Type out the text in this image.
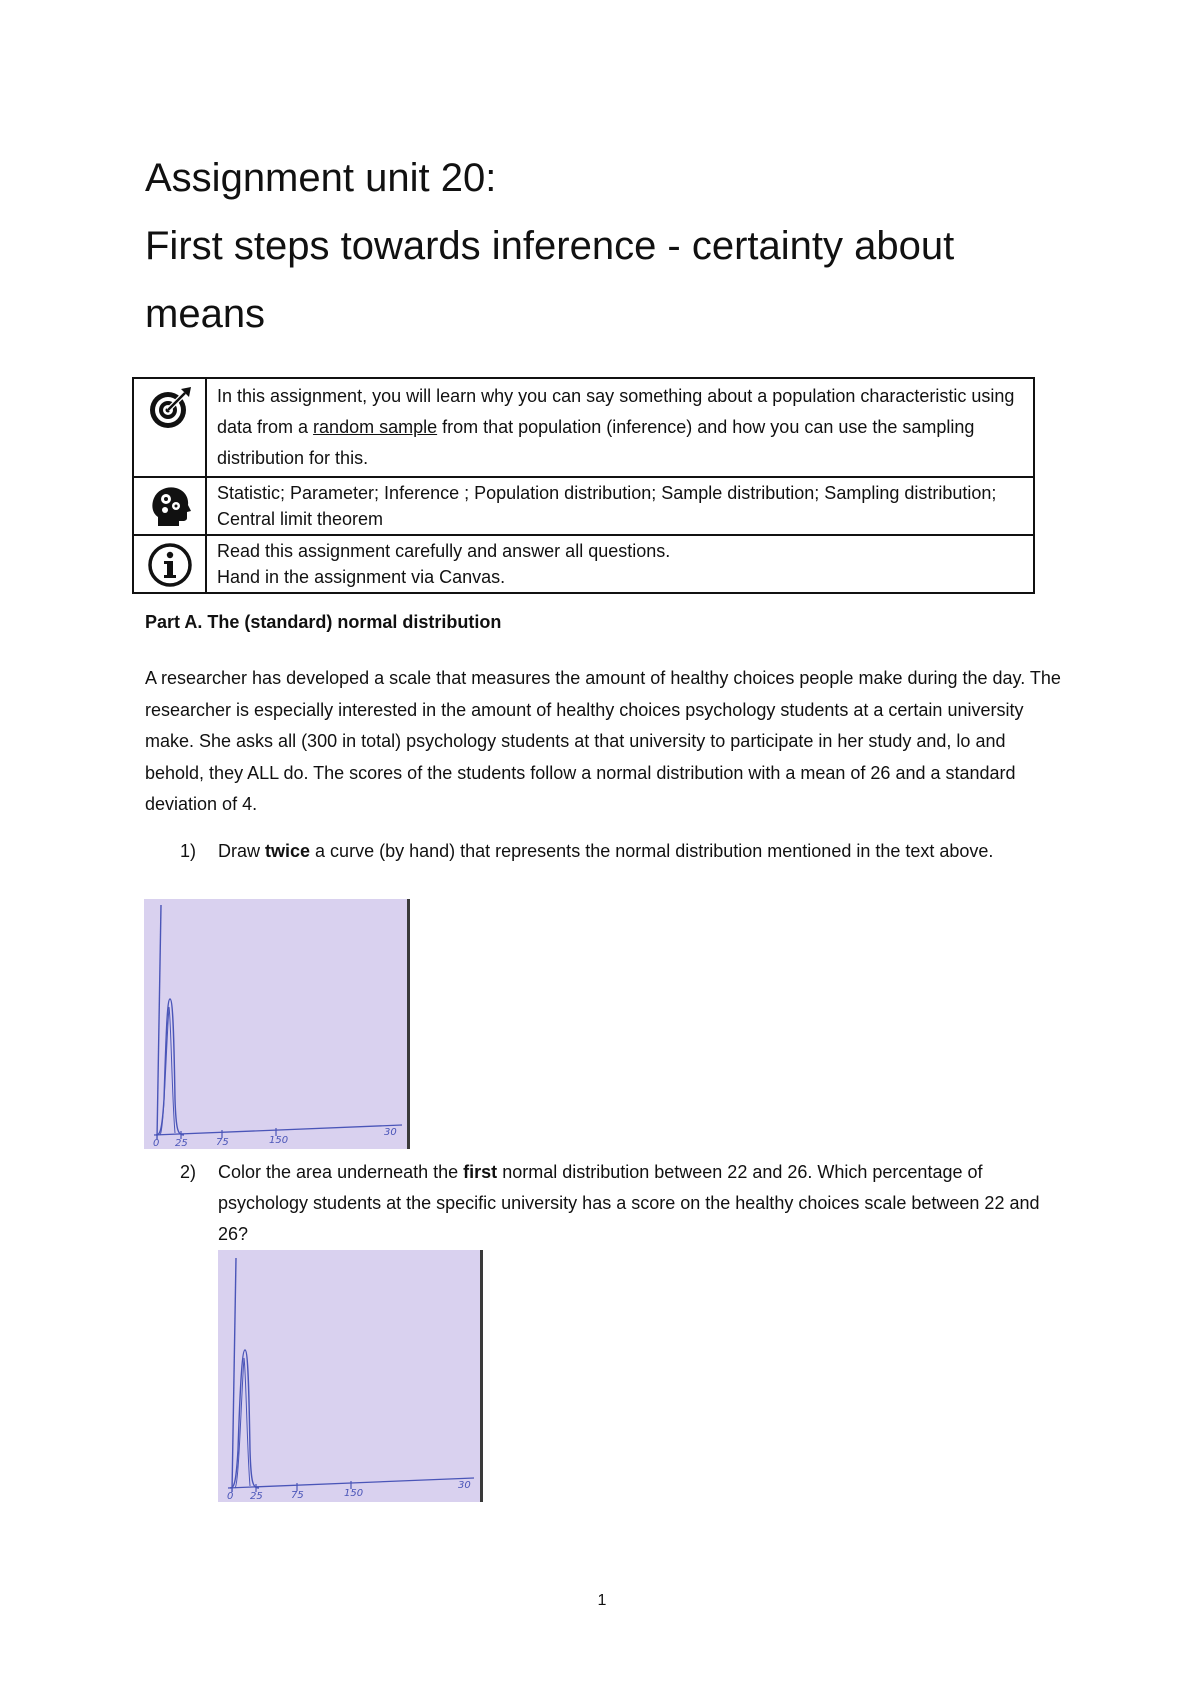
Assignment unit 20:
First steps towards inference - certainty about
means
	In this assignment, you will learn why you can say something about a population characteristic using data from a random sample from that population (inference) and how you can use the sampling distribution for this.

	Statistic; Parameter; Inference ; Population distribution; Sample distribution; Sampling distribution; Central limit theorem

Read this assignment carefully and answer all questions.
Hand in the assignment via Canvas.

Part A. The (standard) normal distribution

A researcher has developed a scale that measures the amount of healthy choices people make during the day. The researcher is especially interested in the amount of healthy choices psychology students at a certain university make. She asks all (300 in total) psychology students at that university to participate in her study and, lo and behold, they ALL do. The scores of the students follow a normal distribution with a mean of 26 and a standard deviation of 4.

1) Draw twice a curve (by hand) that represents the normal distribution mentioned in the text above.
0 25	75	150
30
2) Color the area underneath the first normal distribution between 22 and 26. Which percentage of psychology students at the specific university has a score on the healthy choices scale between 22 and 26?
0 25	75	150
30

1
